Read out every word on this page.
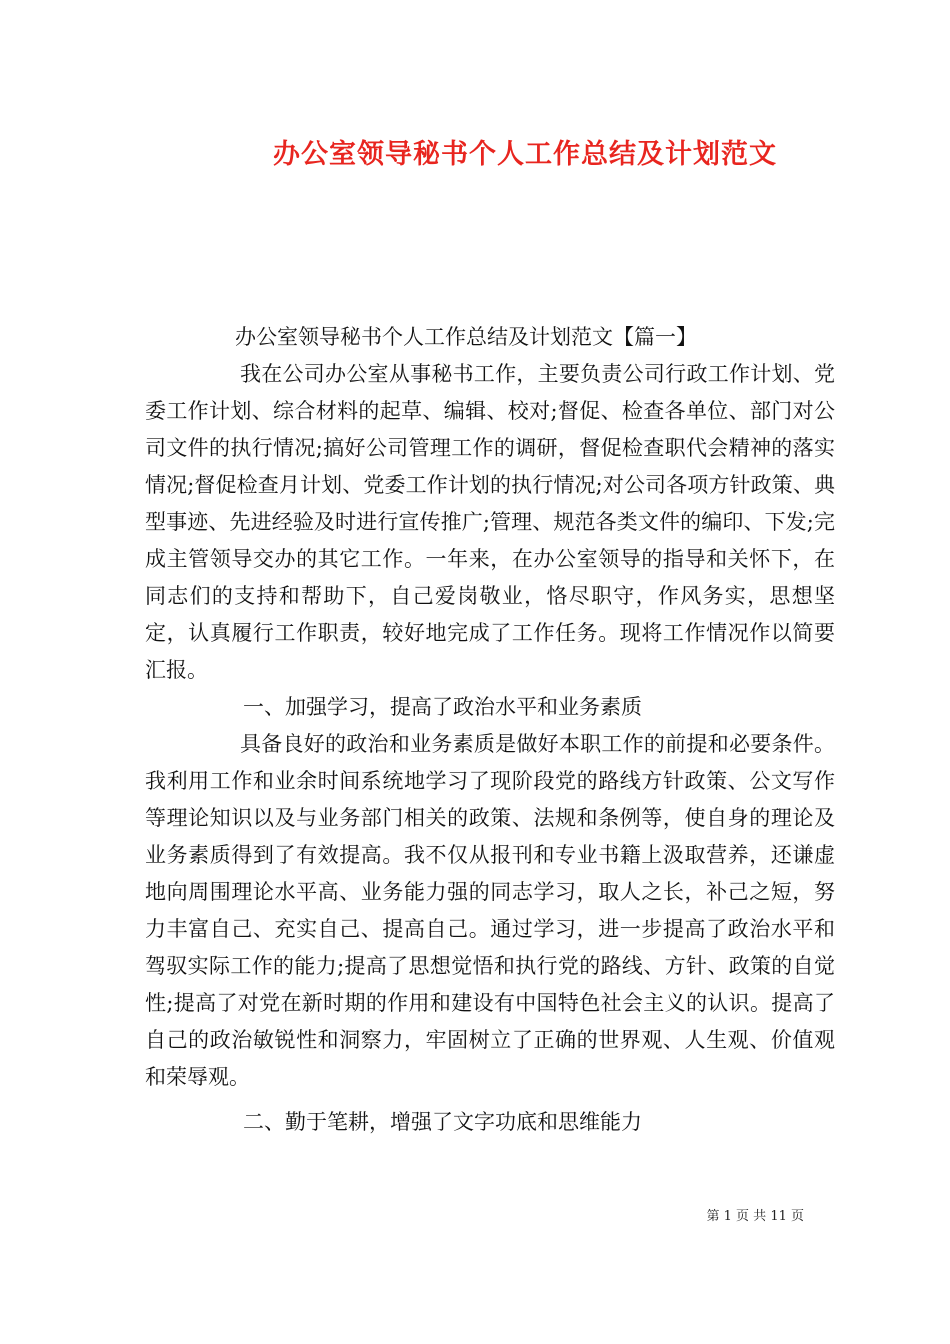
办公室领导秘书个人工作总结及计划范文

办公室领导秘书个人工作总结及计划范文【篇一】

我在公司办公室从事秘书工作，主要负责公司行政工作计划、党委工作计划、综合材料的起草、编辑、校对;督促、检查各单位、部门对公司文件的执行情况;搞好公司管理工作的调研，督促检查职代会精神的落实情况;督促检查月计划、党委工作计划的执行情况;对公司各项方针政策、典型事迹、先进经验及时进行宣传推广;管理、规范各类文件的编印、下发;完成主管领导交办的其它工作。一年来，在办公室领导的指导和关怀下，在同志们的支持和帮助下，自己爱岗敬业，恪尽职守，作风务实，思想坚定，认真履行工作职责，较好地完成了工作任务。现将工作情况作以简要汇报。

一、加强学习，提高了政治水平和业务素质

具备良好的政治和业务素质是做好本职工作的前提和必要条件。我利用工作和业余时间系统地学习了现阶段党的路线方针政策、公文写作等理论知识以及与业务部门相关的政策、法规和条例等，使自身的理论及业务素质得到了有效提高。我不仅从报刊和专业书籍上汲取营养，还谦虚地向周围理论水平高、业务能力强的同志学习，取人之长，补己之短，努力丰富自己、充实自己、提高自己。通过学习，进一步提高了政治水平和驾驭实际工作的能力;提高了思想觉悟和执行党的路线、方针、政策的自觉性;提高了对党在新时期的作用和建设有中国特色社会主义的认识。提高了自己的政治敏锐性和洞察力，牢固树立了正确的世界观、人生观、价值观和荣辱观。

二、勤于笔耕，增强了文字功底和思维能力

第 1 页 共 11 页
